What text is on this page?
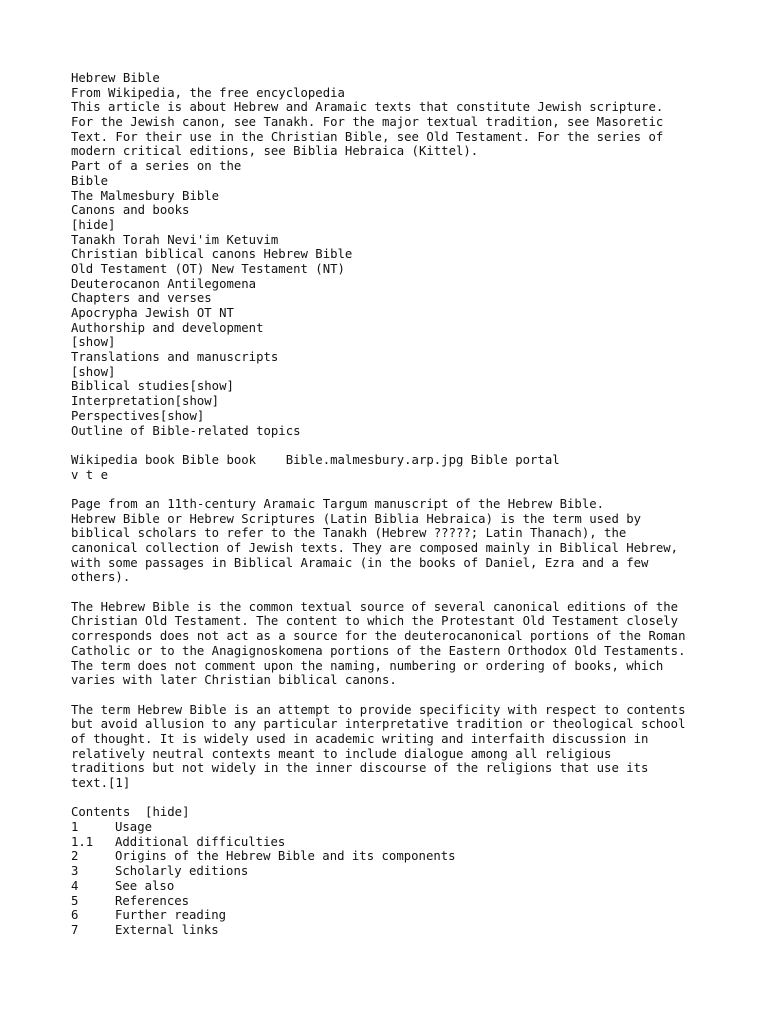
Hebrew Bible
From Wikipedia, the free encyclopedia
This article is about Hebrew and Aramaic texts that constitute Jewish scripture.
For the Jewish canon, see Tanakh. For the major textual tradition, see Masoretic
Text. For their use in the Christian Bible, see Old Testament. For the series of
modern critical editions, see Biblia Hebraica (Kittel).
Part of a series on the
Bible
The Malmesbury Bible
Canons and books
[hide]
Tanakh Torah Nevi'im Ketuvim
Christian biblical canons Hebrew Bible
Old Testament (OT) New Testament (NT)
Deuterocanon Antilegomena
Chapters and verses
Apocrypha Jewish OT NT
Authorship and development
[show]
Translations and manuscripts
[show]
Biblical studies[show]
Interpretation[show]
Perspectives[show]
Outline of Bible-related topics
Wikipedia book Bible book    Bible.malmesbury.arp.jpg Bible portal
v t e
Page from an 11th-century Aramaic Targum manuscript of the Hebrew Bible.
Hebrew Bible or Hebrew Scriptures (Latin Biblia Hebraica) is the term used by
biblical scholars to refer to the Tanakh (Hebrew ?????; Latin Thanach), the
canonical collection of Jewish texts. They are composed mainly in Biblical Hebrew,
with some passages in Biblical Aramaic (in the books of Daniel, Ezra and a few
others).
The Hebrew Bible is the common textual source of several canonical editions of the
Christian Old Testament. The content to which the Protestant Old Testament closely
corresponds does not act as a source for the deuterocanonical portions of the Roman
Catholic or to the Anagignoskomena portions of the Eastern Orthodox Old Testaments.
The term does not comment upon the naming, numbering or ordering of books, which
varies with later Christian biblical canons.
The term Hebrew Bible is an attempt to provide specificity with respect to contents
but avoid allusion to any particular interpretative tradition or theological school
of thought. It is widely used in academic writing and interfaith discussion in
relatively neutral contexts meant to include dialogue among all religious
traditions but not widely in the inner discourse of the religions that use its
text.[1]
Contents  [hide]
1	Usage
1.1	Additional difficulties
2	Origins of the Hebrew Bible and its components
3	Scholarly editions
4	See also
5	References
6	Further reading
7	External links
